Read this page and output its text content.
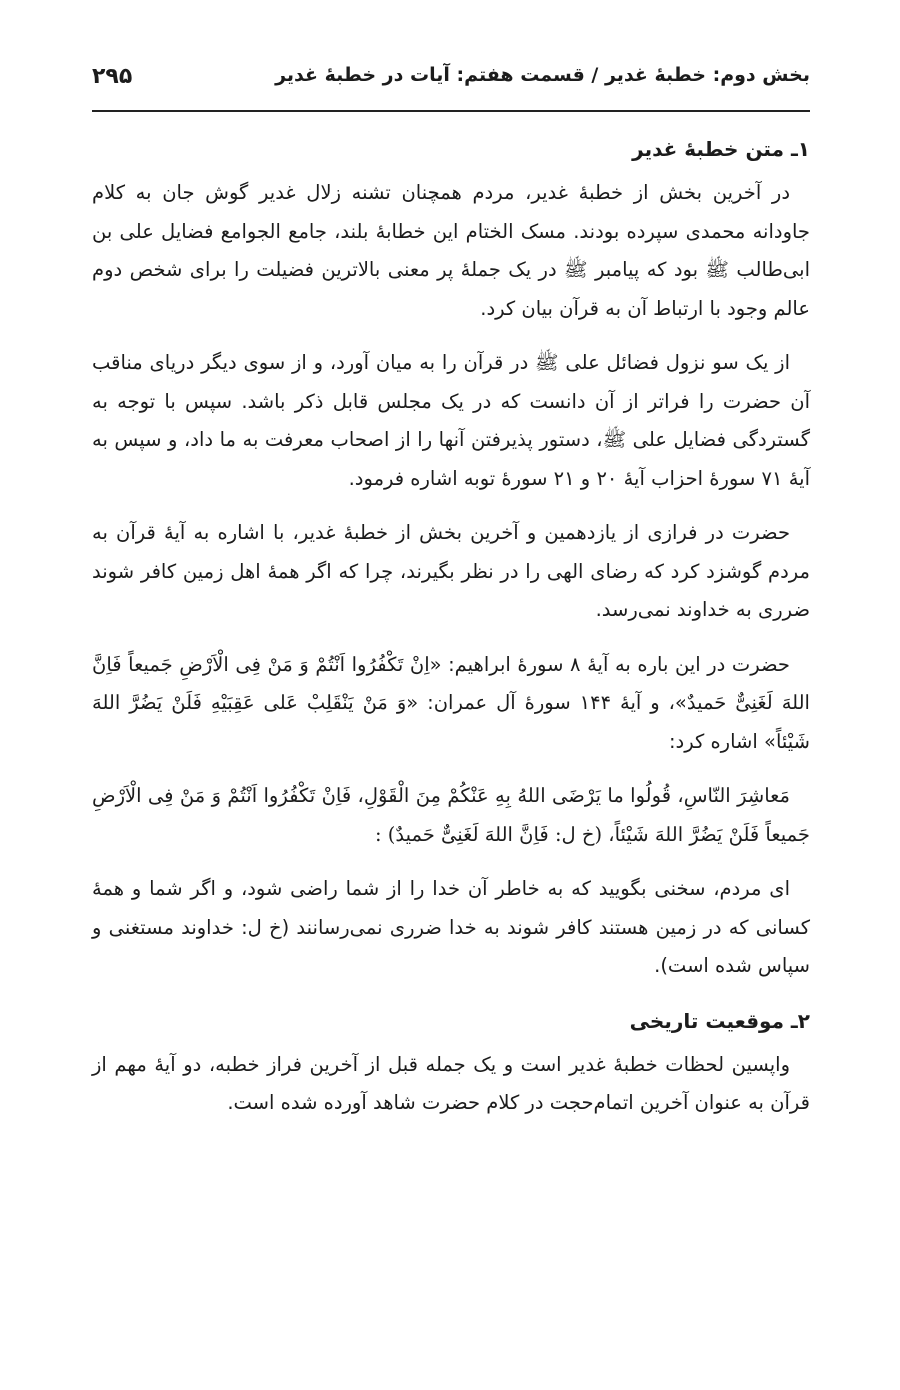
۲۹۵	بخش دوم: خطبهٔ غدیر / قسمت هفتم: آیات در خطبهٔ غدیر
۱ـ متن خطبهٔ غدیر

در آخرین بخش از خطبهٔ غدیر، مردم همچنان تشنه زلال غدیر گوش جان به کلام جاودانه محمدی سپرده بودند. مسک الختام این خطابهٔ بلند، جامع الجوامع فضایل علی بن ابی‌طالب ﷺ بود که پیامبر ﷺ در یک جملهٔ پر معنی بالاترین فضیلت را برای شخص دوم عالم وجود با ارتباط آن به قرآن بیان کرد.

از یک سو نزول فضائل علی ﷺ در قرآن را به میان آورد، و از سوی دیگر دریای مناقب آن حضرت را فراتر از آن دانست که در یک مجلس قابل ذکر باشد. سپس با توجه به گستردگی فضایل علی ﷺ، دستور پذیرفتن آنها را از اصحاب معرفت به ما داد، و سپس به آیهٔ ۷۱ سورهٔ احزاب آیهٔ ۲۰ و ۲۱ سورهٔ توبه اشاره فرمود.

حضرت در فرازی از یازدهمین و آخرین بخش از خطبهٔ غدیر، با اشاره به آیهٔ قرآن به مردم گوشزد کرد که رضای الهی را در نظر بگیرند، چرا که اگر همهٔ اهل زمین کافر شوند ضرری به خداوند نمی‌رسد.

حضرت در این باره به آیهٔ ۸ سورهٔ ابراهیم: «اِنْ تَکْفُرُوا اَنْتُمْ وَ مَنْ فِی الْاَرْضِ جَمیعاً فَاِنَّ اللهَ لَغَنِیٌّ حَمیدٌ»، و آیهٔ ۱۴۴ سورهٔ آل عمران: «وَ مَنْ یَنْقَلِبْ عَلی عَقِبَیْهِ فَلَنْ یَضُرَّ اللهَ شَیْئاً» اشاره کرد:

مَعاشِرَ النّاسِ، قُولُوا ما یَرْضَی اللهُ بِهِ عَنْکُمْ مِنَ الْقَوْلِ، فَاِنْ تَکْفُرُوا اَنْتُمْ وَ مَنْ فِی الْاَرْضِ جَمیعاً فَلَنْ یَضُرَّ اللهَ شَیْئاً، (خ ل: فَاِنَّ اللهَ لَغَنِیٌّ حَمیدٌ) :

ای مردم، سخنی بگویید که به خاطر آن خدا را از شما راضی شود، و اگر شما و همهٔ کسانی که در زمین هستند کافر شوند به خدا ضرری نمی‌رسانند (خ ل: خداوند مستغنی و سپاس شده است).

۲ـ موقعیت تاریخی

واپسین لحظات خطبهٔ غدیر است و یک جمله قبل از آخرین فراز خطبه، دو آیهٔ مهم از قرآن به عنوان آخرین اتمام‌حجت در کلام حضرت شاهد آورده شده است.
